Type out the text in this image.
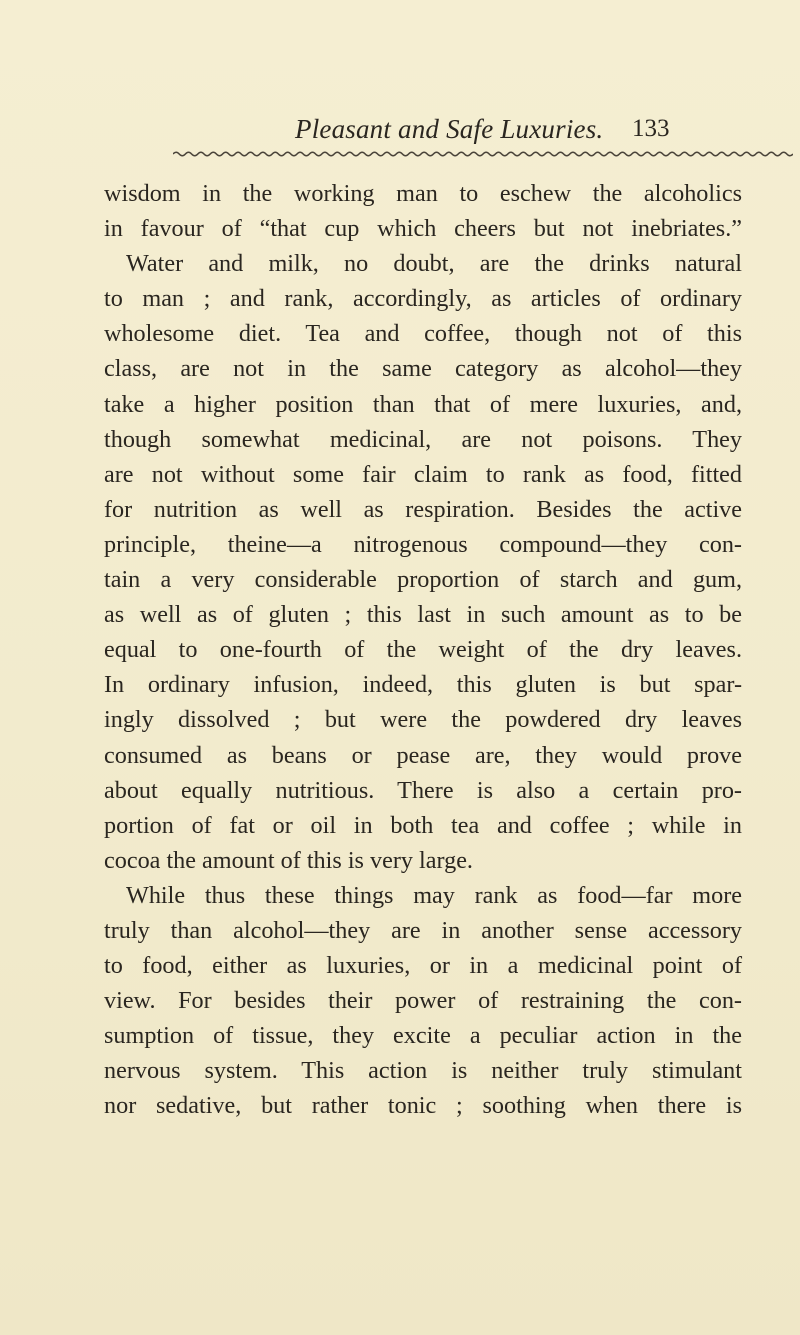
Pleasant and Safe Luxuries. 133
wisdom in the working man to eschew the alcoholics
in favour of “that cup which cheers but not inebriates.”
Water and milk, no doubt, are the drinks natural
to man ; and rank, accordingly, as articles of ordinary
wholesome diet. Tea and coffee, though not of this
class, are not in the same category as alcohol—they
take a higher position than that of mere luxuries, and,
though somewhat medicinal, are not poisons. They
are not without some fair claim to rank as food, fitted
for nutrition as well as respiration. Besides the active
principle, theine—a nitrogenous compound—they con-
tain a very considerable proportion of starch and gum,
as well as of gluten ; this last in such amount as to be
equal to one-fourth of the weight of the dry leaves.
In ordinary infusion, indeed, this gluten is but spar-
ingly dissolved ; but were the powdered dry leaves
consumed as beans or pease are, they would prove
about equally nutritious. There is also a certain pro-
portion of fat or oil in both tea and coffee ; while in
cocoa the amount of this is very large.
While thus these things may rank as food—far more
truly than alcohol—they are in another sense accessory
to food, either as luxuries, or in a medicinal point of
view. For besides their power of restraining the con-
sumption of tissue, they excite a peculiar action in the
nervous system. This action is neither truly stimulant
nor sedative, but rather tonic ; soothing when there is
